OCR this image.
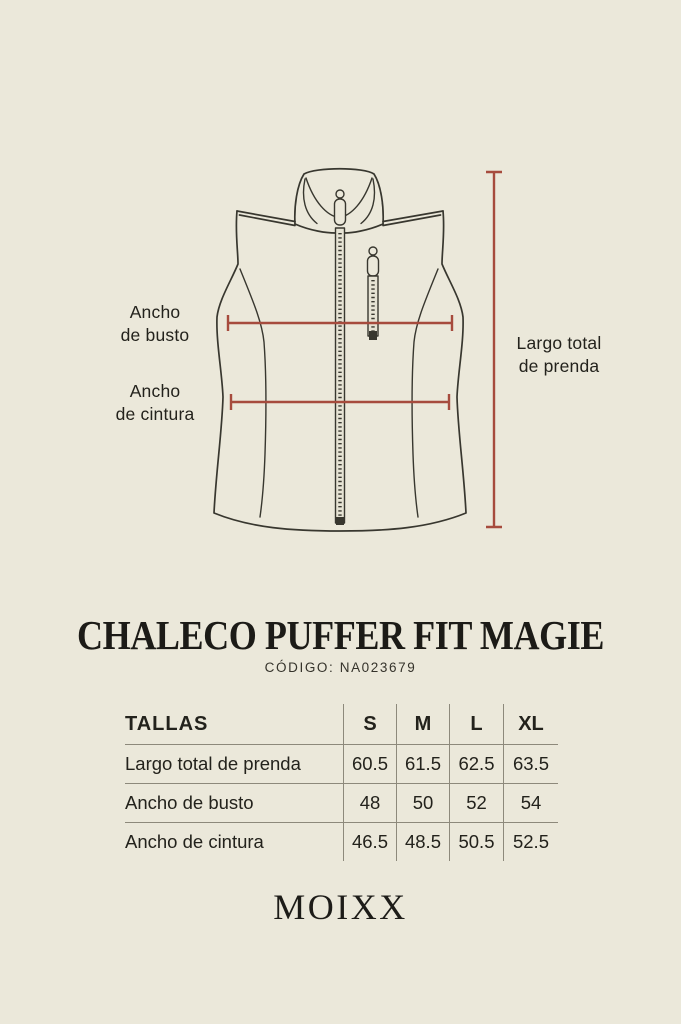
Ancho
de busto
Ancho
de cintura
Largo total
de prenda
CHALECO PUFFER FIT MAGIE
CÓDIGO: NA023679
TALLAS	S	M	L	XL
Largo total de prenda	60.5 61.5 62.5 63.5
Ancho de busto	48	50	52	54
Ancho de cintura	46.5 48.5 50.5 52.5
MOIXX
